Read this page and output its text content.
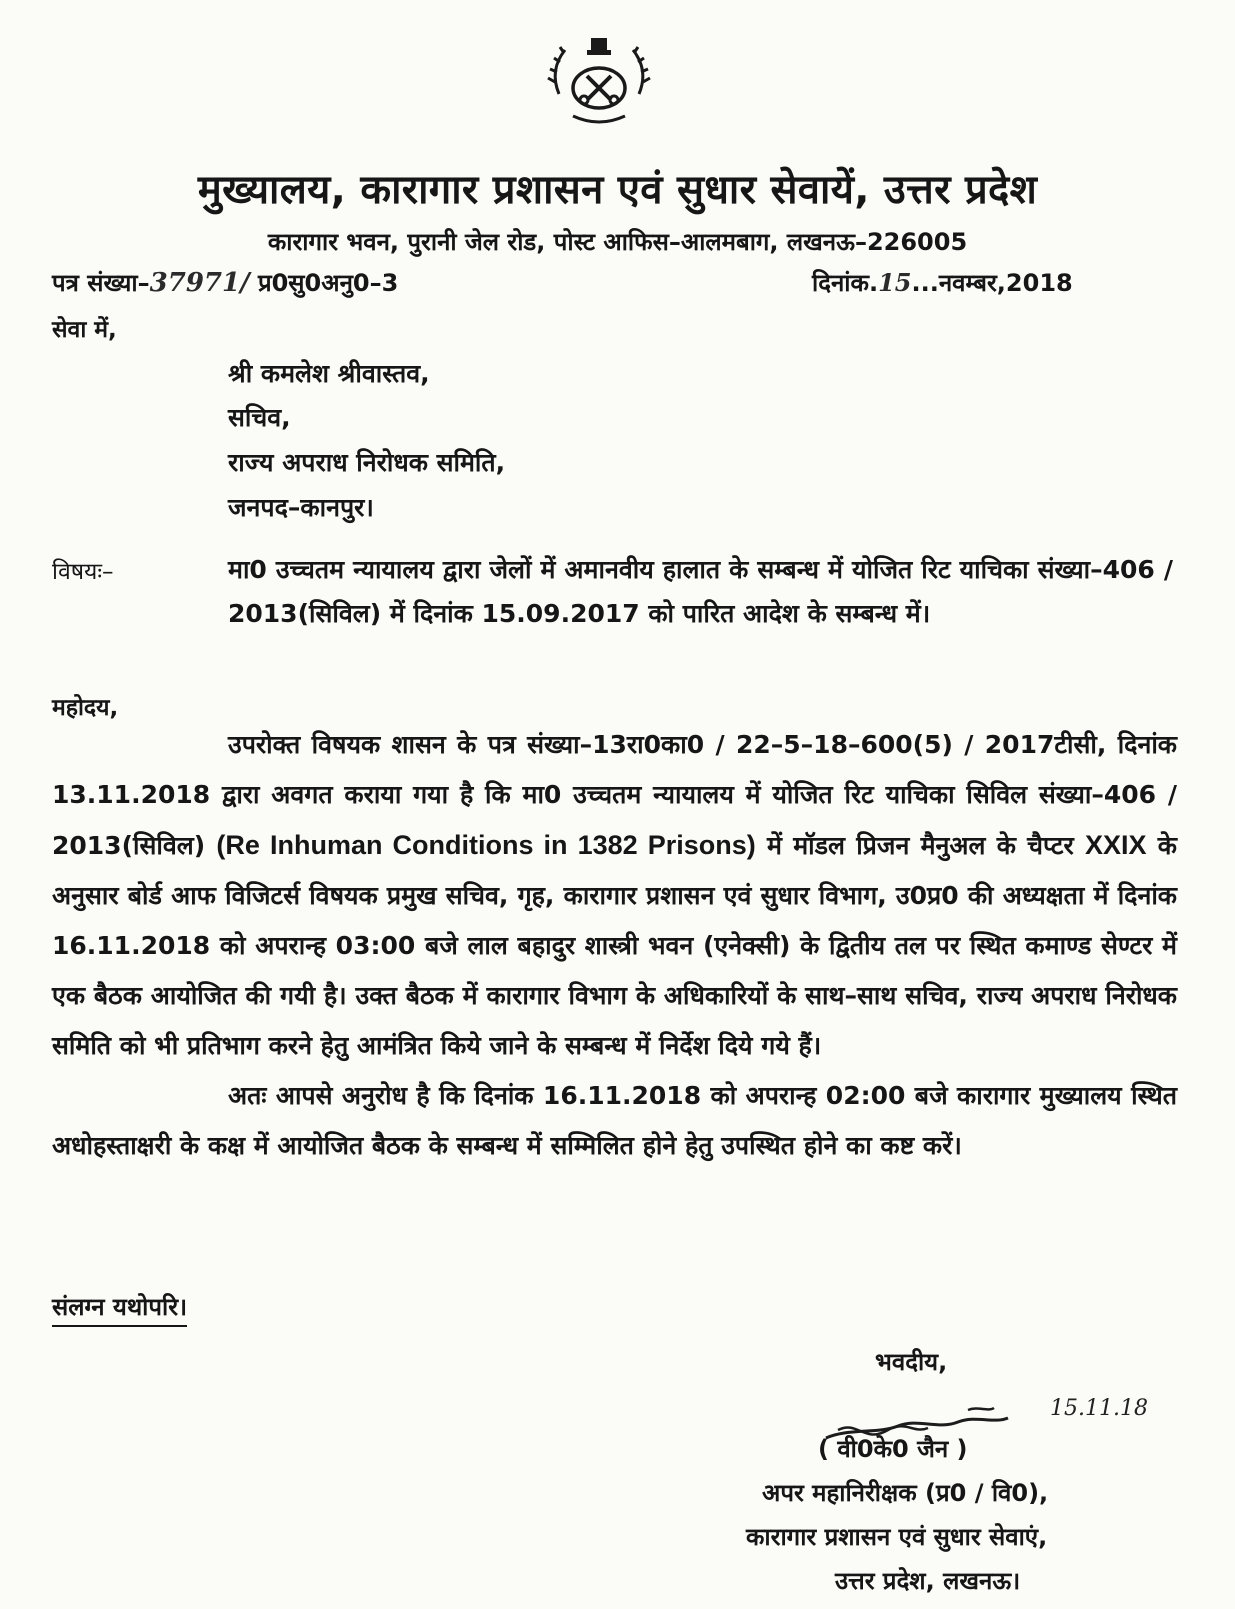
मुख्यालय, कारागार प्रशासन एवं सुधार सेवायें, उत्तर प्रदेश
कारागार भवन, पुरानी जेल रोड, पोस्ट आफिस–आलमबाग, लखनऊ–226005
पत्र संख्या–37971/ प्र0सु0अनु0–3	दिनांक.15...नवम्बर,2018
सेवा में,
श्री कमलेश श्रीवास्तव,
सचिव,
राज्य अपराध निरोधक समिति,
जनपद–कानपुर।
विषयः–	मा0 उच्चतम न्यायालय द्वारा जेलों में अमानवीय हालात के सम्बन्ध में योजित रिट याचिका संख्या–406 / 2013(सिविल) में दिनांक 15.09.2017 को पारित आदेश के सम्बन्ध में।
महोदय,

उपरोक्त विषयक शासन के पत्र संख्या–13रा0का0 / 22–5–18–600(5) / 2017टीसी, दिनांक 13.11.2018 द्वारा अवगत कराया गया है कि मा0 उच्चतम न्यायालय में योजित रिट याचिका सिविल संख्या–406 / 2013(सिविल) (Re Inhuman Conditions in 1382 Prisons) में मॉडल प्रिजन मैनुअल के चैप्टर XXIX के अनुसार बोर्ड आफ विजिटर्स विषयक प्रमुख सचिव, गृह, कारागार प्रशासन एवं सुधार विभाग, उ0प्र0 की अध्यक्षता में दिनांक 16.11.2018 को अपरान्ह 03:00 बजे लाल बहादुर शास्त्री भवन (एनेक्सी) के द्वितीय तल पर स्थित कमाण्ड सेण्टर में एक बैठक आयोजित की गयी है। उक्त बैठक में कारागार विभाग के अधिकारियों के साथ–साथ सचिव, राज्य अपराध निरोधक समिति को भी प्रतिभाग करने हेतु आमंत्रित किये जाने के सम्बन्ध में निर्देश दिये गये हैं।

अतः आपसे अनुरोध है कि दिनांक 16.11.2018 को अपरान्ह 02:00 बजे कारागार मुख्यालय स्थित अधोहस्ताक्षरी के कक्ष में आयोजित बैठक के सम्बन्ध में सम्मिलित होने हेतु उपस्थित होने का कष्ट करें।

संलग्न यथोपरि।
भवदीय,
15.11.18
( वी0के0 जैन )
अपर महानिरीक्षक (प्र0 / वि0),
कारागार प्रशासन एवं सुधार सेवाएं,
उत्तर प्रदेश, लखनऊ।
